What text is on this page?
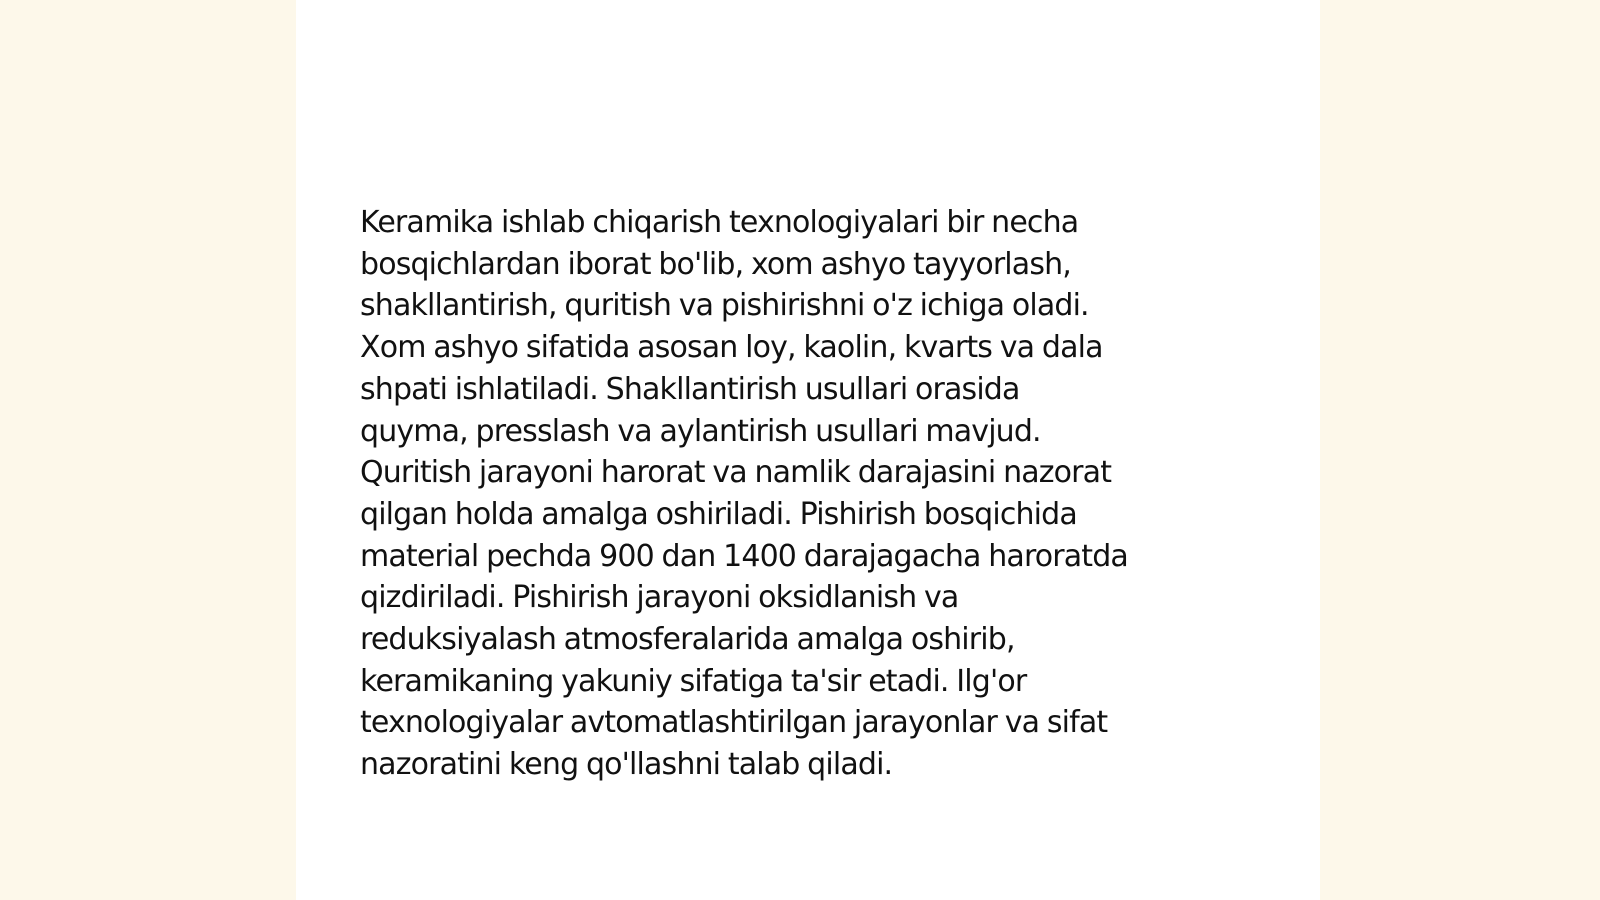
Keramika ishlab chiqarish texnologiyalari bir necha
bosqichlardan iborat bo'lib, xom ashyo tayyorlash,
shakllantirish, quritish va pishirishni o'z ichiga oladi.
Xom ashyo sifatida asosan loy, kaolin, kvarts va dala
shpati ishlatiladi. Shakllantirish usullari orasida
quyma, presslash va aylantirish usullari mavjud.
Quritish jarayoni harorat va namlik darajasini nazorat
qilgan holda amalga oshiriladi. Pishirish bosqichida
material pechda 900 dan 1400 darajagacha haroratda
qizdiriladi. Pishirish jarayoni oksidlanish va
reduksiyalash atmosferalarida amalga oshirib,
keramikaning yakuniy sifatiga ta'sir etadi. Ilg'or
texnologiyalar avtomatlashtirilgan jarayonlar va sifat
nazoratini keng qo'llashni talab qiladi.
